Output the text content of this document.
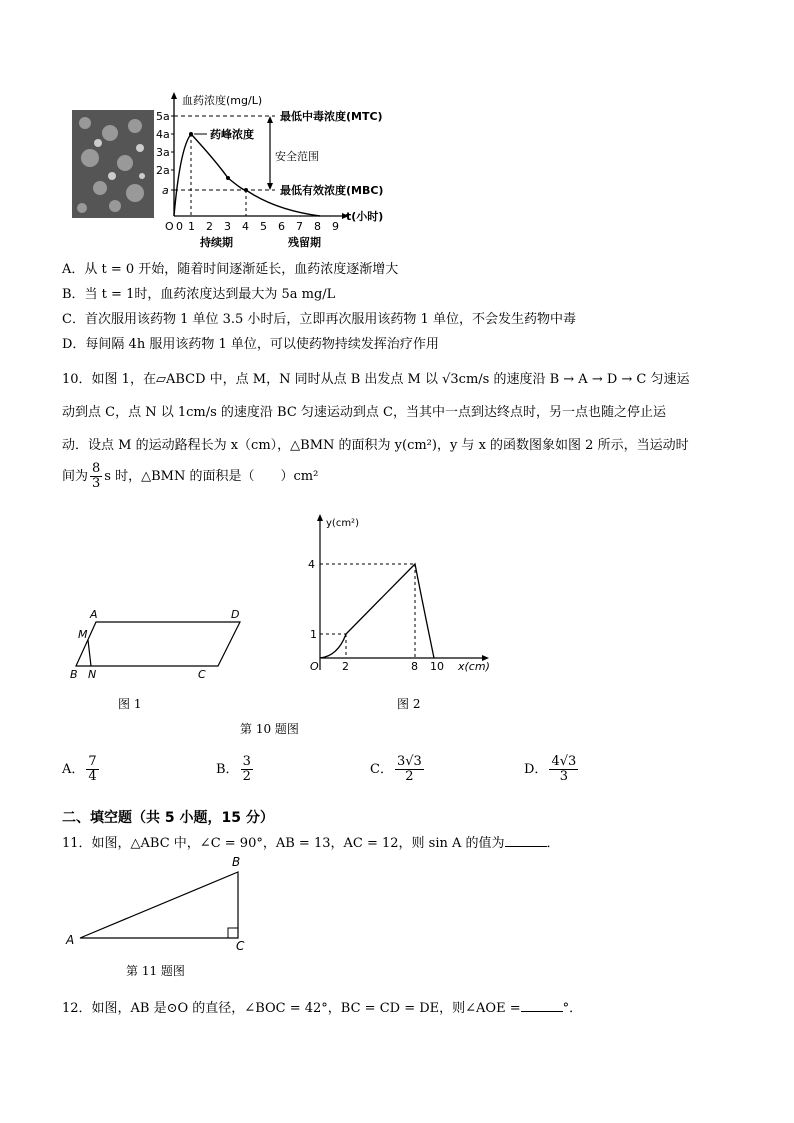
血药浓度(mg/L)
5a
4a
3a
2a
a
最低中毒浓度(MTC)
最低有效浓度(MBC)
安全范围
药峰浓度
O 0 1 2 3 4 5 6 7 8 9
t(小时)
持续期	残留期
A．从 t = 0 开始，随着时间逐渐延长，血药浓度逐渐增大
B．当 t = 1时，血药浓度达到最大为 5a mg/L
C．首次服用该药物 1 单位 3.5 小时后，立即再次服用该药物 1 单位，不会发生药物中毒
D．每间隔 4h 服用该药物 1 单位，可以使药物持续发挥治疗作用
10．如图 1，在▱ABCD 中，点 M，N 同时从点 B 出发点 M 以 √3cm/s 的速度沿 B → A → D → C 匀速运
动到点 C，点 N 以 1cm/s 的速度沿 BC 匀速运动到点 C，当其中一点到达终点时，另一点也随之停止运
动．设点 M 的运动路程长为 x（cm），△BMN 的面积为 y(cm²)，y 与 x 的函数图象如图 2 所示，当运动时
间为 $\frac{8}{3}$ s 时，△BMN 的面积是（　　）cm²
A	D
M
B N	C
图 1
y(cm²)
O
4
1
2	8 10 x(cm)
图 2
第 10 题图
A． $\frac{7}{4}$	B． $\frac{3}{2}$	C． $\frac{3√3}{2}$	D． $\frac{4√3}{3}$
二、填空题（共 5 小题，15 分）
11．如图，△ABC 中，∠C = 90°，AB = 13，AC = 12，则 sin A 的值为	．
A
B
C
第 11 题图
12．如图，AB 是⊙O 的直径，∠BOC = 42°，BC = CD = DE，则∠AOE =	°．
